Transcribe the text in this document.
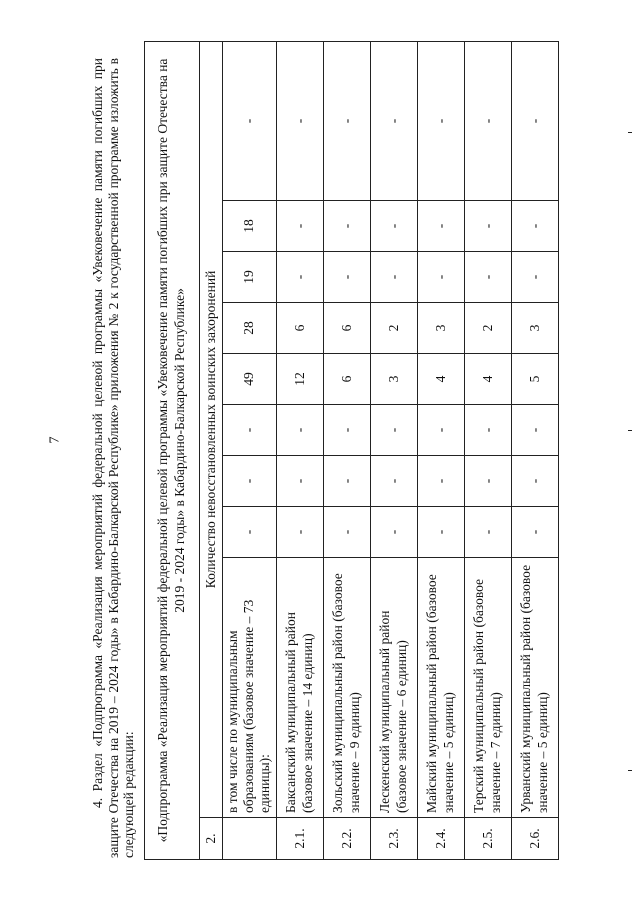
7 4. Раздел «Подпрограмма «Реализация мероприятий федеральной целевой программы «Увековечение памяти погибших при защите Отечества на 2019 – 2024 годы» в Кабардино-Балкарской Республике» приложения № 2 к государственной программе изложить в следующей редакции: «Подпрограмма «Реализация мероприятий федеральной целевой программы «Увековечение памяти погибших при защите Отечества на 2019 - 2024 годы» в Кабардино-Балкарской Республике»									
2.	Количество невосстановленных воинских захоронений								
	в том числе по муниципальным образованиям (базовое значение – 73 единицы):	-	-	-	49	28	19	18	-
2.1.	Баксанский муниципальный район (базовое значение – 14 единиц)	-	-	-	12	6	-	-	-
2.2.	Зольский муниципальный район (базовое значение – 9 единиц)	-	-	-	6	6	-	-	-
2.3.	Лескенский муниципальный район (базовое значение – 6 единиц)	-	-	-	3	2	-	-	-
2.4.	Майский муниципальный район (базовое значение – 5 единиц)	-	-	-	4	3	-	-	-
2.5.	Терский муниципальный район (базовое значение – 7 единиц)	-	-	-	4	2	-	-	-
2.6.	Урванский муниципальный район (базовое значение – 5 единиц)	-	-	-	5	3	-	-	-
